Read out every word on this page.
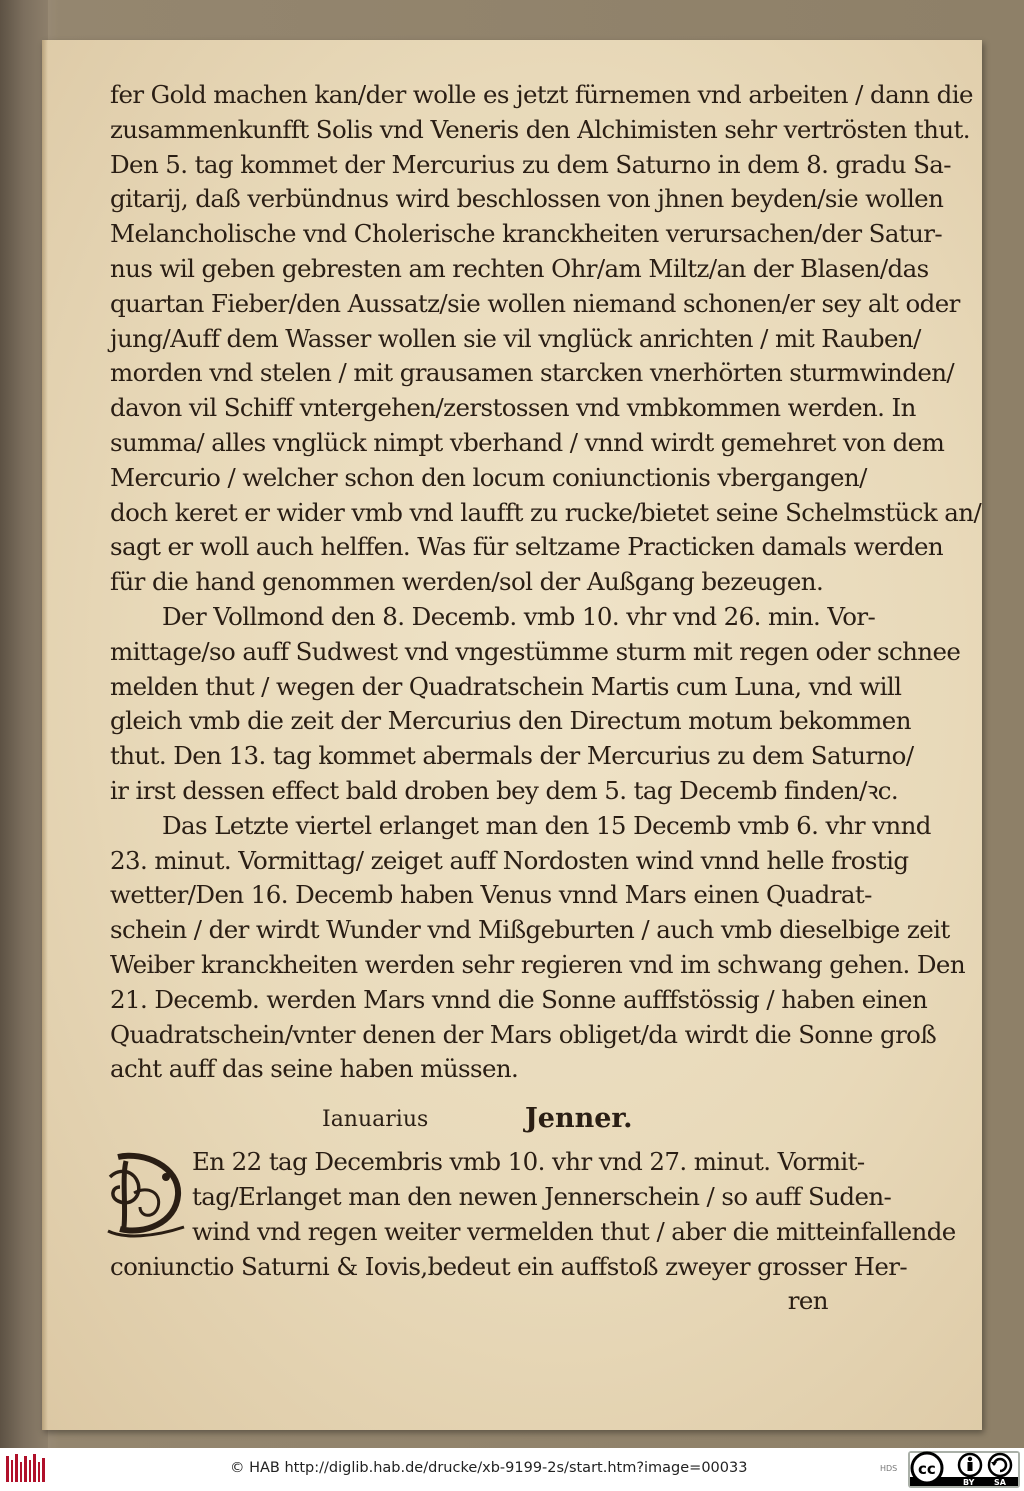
fer Gold machen kan/der wolle es jetzt fürnemen vnd arbeiten / dann die
zusammenkunfft Solis vnd Veneris den Alchimisten sehr vertrösten thut.
Den 5. tag kommet der Mercurius zu dem Saturno in dem 8. gradu Sa-
gitarij, daß verbündnus wird beschlossen von jhnen beyden/sie wollen
Melancholische vnd Cholerische kranckheiten verursachen/der Satur-
nus wil geben gebresten am rechten Ohr/am Miltz/an der Blasen/das
quartan Fieber/den Aussatz/sie wollen niemand schonen/er sey alt oder
jung/Auff dem Wasser wollen sie vil vnglück anrichten / mit Rauben/
morden vnd stelen / mit grausamen starcken vnerhörten sturmwinden/
davon vil Schiff vntergehen/zerstossen vnd vmbkommen werden. In
summa/ alles vnglück nimpt vberhand / vnnd wirdt gemehret von dem
Mercurio / welcher schon den locum coniunctionis vbergangen/
doch keret er wider vmb vnd laufft zu rucke/bietet seine Schelmstück an/
sagt er woll auch helffen. Was für seltzame Practicken damals werden
für die hand genommen werden/sol der Außgang bezeugen.
Der Vollmond den 8. Decemb. vmb 10. vhr vnd 26. min. Vor-
mittage/so auff Sudwest vnd vngestümme sturm mit regen oder schnee
melden thut / wegen der Quadratschein Martis cum Luna, vnd will
gleich vmb die zeit der Mercurius den Directum motum bekommen
thut. Den 13. tag kommet abermals der Mercurius zu dem Saturno/
ir irst dessen effect bald droben bey dem 5. tag Decemb finden/ꝛc.
Das Letzte viertel erlanget man den 15 Decemb vmb 6. vhr vnnd
23. minut. Vormittag/ zeiget auff Nordosten wind vnnd helle frostig
wetter/Den 16. Decemb haben Venus vnnd Mars einen Quadrat-
schein / der wirdt Wunder vnd Mißgeburten / auch vmb dieselbige zeit
Weiber kranckheiten werden sehr regieren vnd im schwang gehen. Den
21. Decemb. werden Mars vnnd die Sonne aufffstössig / haben einen
Quadratschein/vnter denen der Mars obliget/da wirdt die Sonne groß
acht auff das seine haben müssen.
Ianuarius	Jenner.
En 22 tag Decembris vmb 10. vhr vnd 27. minut. Vormit-
tag/Erlanget man den newen Jennerschein / so auff Suden-
wind vnd regen weiter vermelden thut / aber die mitteinfallende
coniunctio Saturni & Iovis,bedeut ein auffstoß zweyer grosser Her-
ren
© HAB http://diglib.hab.de/drucke/xb-9199-2s/start.htm?image=00033	HDS cc
BY SA
